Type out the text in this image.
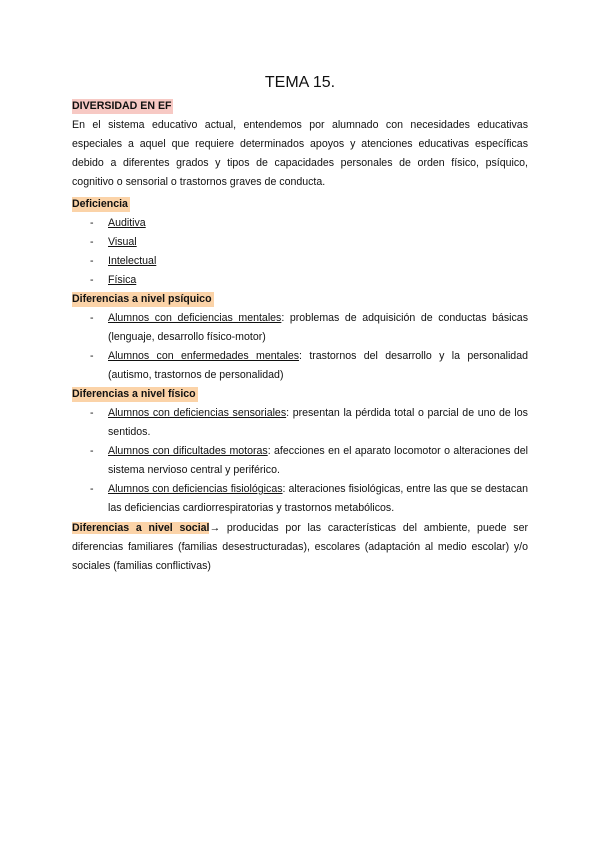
TEMA 15.
DIVERSIDAD EN EF
En el sistema educativo actual, entendemos por alumnado con necesidades educativas especiales a aquel que requiere determinados apoyos y atenciones educativas específicas debido a diferentes grados y tipos de capacidades personales de orden físico, psíquico, cognitivo o sensorial o trastornos graves de conducta.
Deficiencia
- Auditiva
- Visual
- Intelectual
- Física
Diferencias a nivel psíquico
- Alumnos con deficiencias mentales: problemas de adquisición de conductas básicas (lenguaje, desarrollo físico-motor)
- Alumnos con enfermedades mentales: trastornos del desarrollo y la personalidad (autismo, trastornos de personalidad)
Diferencias a nivel físico
- Alumnos con deficiencias sensoriales: presentan la pérdida total o parcial de uno de los sentidos.
- Alumnos con dificultades motoras: afecciones en el aparato locomotor o alteraciones del sistema nervioso central y periférico.
- Alumnos con deficiencias fisiológicas: alteraciones fisiológicas, entre las que se destacan las deficiencias cardiorrespiratorias y trastornos metabólicos.
Diferencias a nivel social→ producidas por las características del ambiente, puede ser diferencias familiares (familias desestructuradas), escolares (adaptación al medio escolar) y/o sociales (familias conflictivas)
